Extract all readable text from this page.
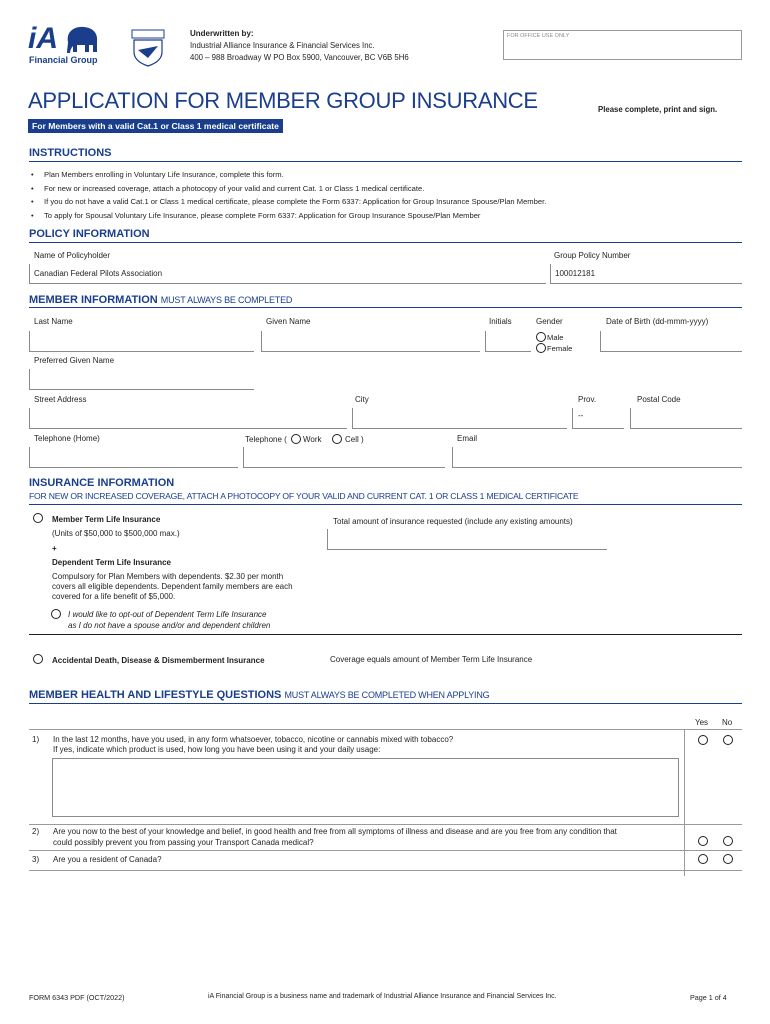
iA
Financial Group
Underwritten by:
Industrial Alliance Insurance & Financial Services Inc.
400 – 988 Broadway W PO Box 5900, Vancouver, BC V6B 5H6
FOR OFFICE USE ONLY
APPLICATION FOR MEMBER GROUP INSURANCE	Please complete, print and sign.
For Members with a valid Cat.1 or Class 1 medical certificate
INSTRUCTIONS
• Plan Members enrolling in Voluntary Life Insurance, complete this form.
• For new or increased coverage, attach a photocopy of your valid and current Cat. 1 or Class 1 medical certificate.
• If you do not have a valid Cat.1 or Class 1 medical certificate, please complete the Form 6337: Application for Group Insurance Spouse/Plan Member.
• To apply for Spousal Voluntary Life Insurance, please complete Form 6337: Application for Group Insurance Spouse/Plan Member
POLICY INFORMATION
Name of Policyholder	Group Policy Number
Canadian Federal Pilots Association	100012181
MEMBER INFORMATION MUST ALWAYS BE COMPLETED
Last Name	Given Name	Initials	Gender	Date of Birth (dd-mmm-yyyy)
Male
Female
Preferred Given Name
Street Address	City	Prov.	Postal Code
--
Telephone (Home)	Telephone ( Work	Cell )	Email
INSURANCE INFORMATION
FOR NEW OR INCREASED COVERAGE, ATTACH A PHOTOCOPY OF YOUR VALID AND CURRENT CAT. 1 OR CLASS 1 MEDICAL CERTIFICATE
Member Term Life Insurance
(Units of $50,000 to $500,000 max.)
+
Dependent Term Life Insurance
Compulsory for Plan Members with dependents. $2.30 per month
covers all eligible dependents. Dependent family members are each
covered for a life benefit of $5,000.
I would like to opt-out of Dependent Term Life Insurance
as I do not have a spouse and/or and dependent children
Total amount of insurance requested (include any existing amounts)
Accidental Death, Disease & Dismemberment Insurance	Coverage equals amount of Member Term Life Insurance
MEMBER HEALTH AND LIFESTYLE QUESTIONS MUST ALWAYS BE COMPLETED WHEN APPLYING
Yes No
1) In the last 12 months, have you used, in any form whatsoever, tobacco, nicotine or cannabis mixed with tobacco?
If yes, indicate which product is used, how long you have been using it and your daily usage:
2) Are you now to the best of your knowledge and belief, in good health and free from all symptoms of illness and disease and are you free from any condition that
could possibly prevent you from passing your Transport Canada medical?
3) Are you a resident of Canada?
FORM 6343 PDF (OCT/2022)	iA Financial Group is a business name and trademark of Industrial Alliance Insurance and Financial Services Inc.	Page 1 of 4
